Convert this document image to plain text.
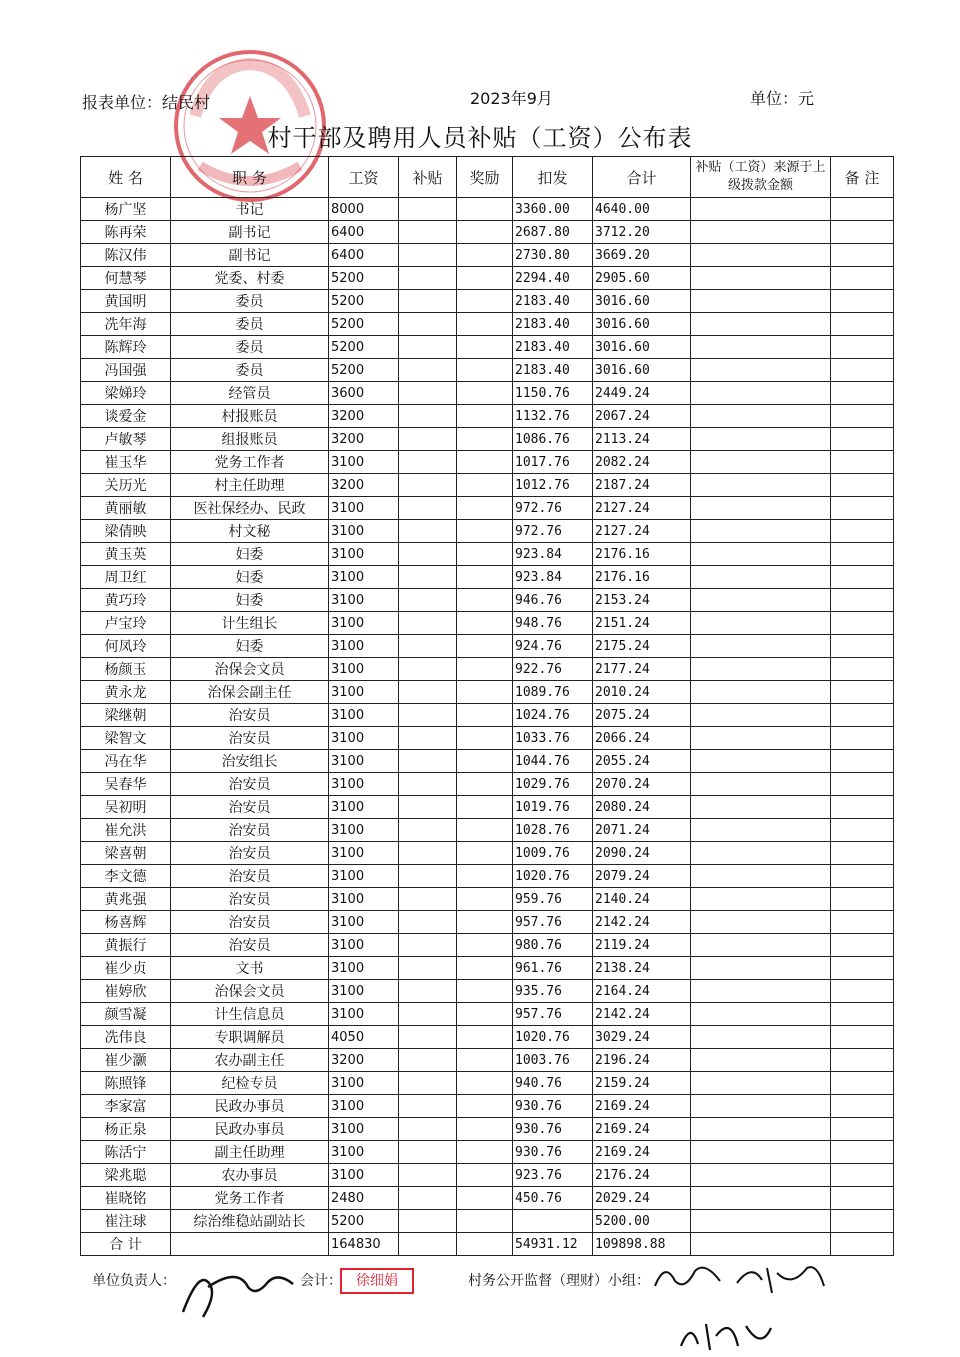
报表单位：结民村	2023年9月	单位：元
村干部及聘用人员补贴（工资）公布表
姓 名	职 务	工资	补贴	奖励	扣发	合计	补贴（工资）来源于上级拨款金额	备 注
杨广坚	书记	8000			3360.00	4640.00		
陈再荣	副书记	6400			2687.80	3712.20		
陈汉伟	副书记	6400			2730.80	3669.20		
何慧琴	党委、村委	5200			2294.40	2905.60		
黄国明	委员	5200			2183.40	3016.60		
冼年海	委员	5200			2183.40	3016.60		
陈辉玲	委员	5200			2183.40	3016.60		
冯国强	委员	5200			2183.40	3016.60		
梁娣玲	经管员	3600			1150.76	2449.24		
谈爱金	村报账员	3200			1132.76	2067.24		
卢敏琴	组报账员	3200			1086.76	2113.24		
崔玉华	党务工作者	3100			1017.76	2082.24		
关历光	村主任助理	3200			1012.76	2187.24		
黄丽敏	医社保经办、民政	3100			972.76	2127.24		
梁倩映	村文秘	3100			972.76	2127.24		
黄玉英	妇委	3100			923.84	2176.16		
周卫红	妇委	3100			923.84	2176.16		
黄巧玲	妇委	3100			946.76	2153.24		
卢宝玲	计生组长	3100			948.76	2151.24		
何凤玲	妇委	3100			924.76	2175.24		
杨颜玉	治保会文员	3100			922.76	2177.24		
黄永龙	治保会副主任	3100			1089.76	2010.24		
梁继朝	治安员	3100			1024.76	2075.24		
梁智文	治安员	3100			1033.76	2066.24		
冯在华	治安组长	3100			1044.76	2055.24		
吴春华	治安员	3100			1029.76	2070.24		
吴初明	治安员	3100			1019.76	2080.24		
崔允洪	治安员	3100			1028.76	2071.24		
梁喜朝	治安员	3100			1009.76	2090.24		
李文德	治安员	3100			1020.76	2079.24		
黄兆强	治安员	3100			959.76	2140.24		
杨喜辉	治安员	3100			957.76	2142.24		
黄振行	治安员	3100			980.76	2119.24		
崔少贞	文书	3100			961.76	2138.24		
崔婷欣	治保会文员	3100			935.76	2164.24		
颜雪凝	计生信息员	3100			957.76	2142.24		
冼伟良	专职调解员	4050			1020.76	3029.24		
崔少灏	农办副主任	3200			1003.76	2196.24		
陈照锋	纪检专员	3100			940.76	2159.24		
李家富	民政办事员	3100			930.76	2169.24		
杨正泉	民政办事员	3100			930.76	2169.24		
陈活宁	副主任助理	3100			930.76	2169.24		
梁兆聪	农办事员	3100			923.76	2176.24		
崔晓铭	党务工作者	2480			450.76	2029.24		
崔注球	综治维稳站副站长	5200				5200.00		
合 计		164830			54931.12	109898.88		
单位负责人：	会计：	徐细娟	村务公开监督（理财）小组：
